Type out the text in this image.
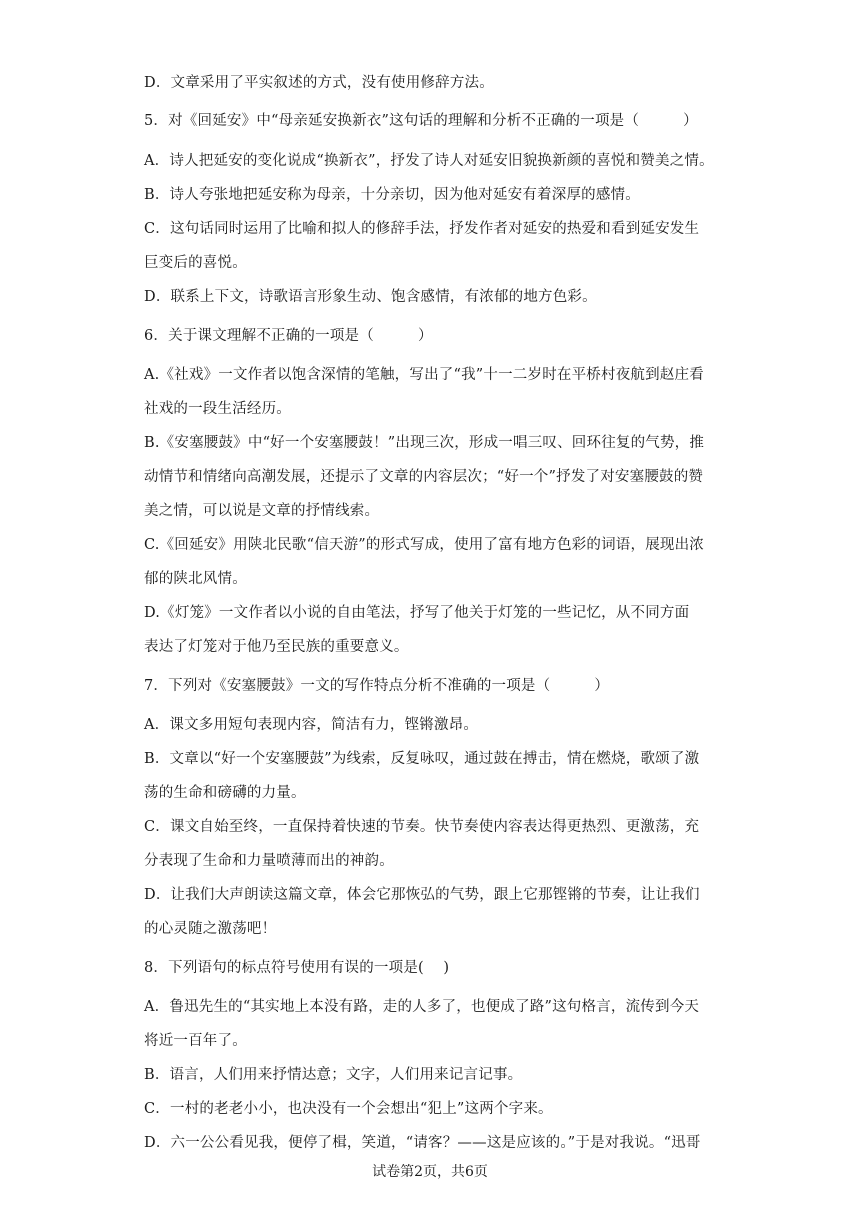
D．文章采用了平实叙述的方式，没有使用修辞方法。
5．对《回延安》中“母亲延安换新衣”这句话的理解和分析不正确的一项是（　　　）
A．诗人把延安的变化说成“换新衣”，抒发了诗人对延安旧貌换新颜的喜悦和赞美之情。
B．诗人夸张地把延安称为母亲，十分亲切，因为他对延安有着深厚的感情。
C．这句话同时运用了比喻和拟人的修辞手法，抒发作者对延安的热爱和看到延安发生
巨变后的喜悦。
D．联系上下文，诗歌语言形象生动、饱含感情，有浓郁的地方色彩。
6．关于课文理解不正确的一项是（　　　）
A.《社戏》一文作者以饱含深情的笔触，写出了“我”十一二岁时在平桥村夜航到赵庄看
社戏的一段生活经历。
B.《安塞腰鼓》中“好一个安塞腰鼓！”出现三次，形成一唱三叹、回环往复的气势，推
动情节和情绪向高潮发展，还提示了文章的内容层次；“好一个”抒发了对安塞腰鼓的赞
美之情，可以说是文章的抒情线索。
C.《回延安》用陕北民歌“信天游”的形式写成，使用了富有地方色彩的词语，展现出浓
郁的陕北风情。
D.《灯笼》一文作者以小说的自由笔法，抒写了他关于灯笼的一些记忆，从不同方面
表达了灯笼对于他乃至民族的重要意义。
7．下列对《安塞腰鼓》一文的写作特点分析不准确的一项是（　　　）
A．课文多用短句表现内容，简洁有力，铿锵激昂。
B．文章以“好一个安塞腰鼓”为线索，反复咏叹，通过鼓在搏击，情在燃烧，歌颂了激
荡的生命和磅礴的力量。
C．课文自始至终，一直保持着快速的节奏。快节奏使内容表达得更热烈、更激荡，充
分表现了生命和力量喷薄而出的神韵。
D．让我们大声朗读这篇文章，体会它那恢弘的气势，跟上它那铿锵的节奏，让让我们
的心灵随之激荡吧！
8．下列语句的标点符号使用有误的一项是(　 )
A．鲁迅先生的“其实地上本没有路，走的人多了，也便成了路”这句格言，流传到今天
将近一百年了。
B．语言，人们用来抒情达意；文字，人们用来记言记事。
C．一村的老老小小，也决没有一个会想出“犯上”这两个字来。
D．六一公公看见我，便停了楫，笑道，“请客？——这是应该的。”于是对我说。“迅哥
试卷第2页，共6页
